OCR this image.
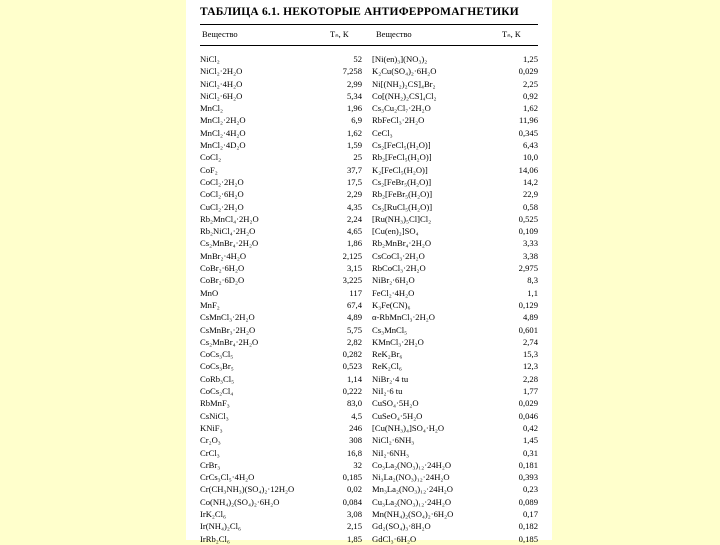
ТАБЛИЦА 6.1. НЕКОТОРЫЕ АНТИФЕРРОМАГНЕТИКИ
Вещество	Tₙ, К	Вещество	Tₙ, К
NiCl₂	52	[Ni(en)₃](NO₃)₂	1,25
NiCl₂·2H₂O	7,258	K₂Cu(SO₄)₂·6H₂O	0,029
NiCl₂·4H₂O	2,99	Ni[(NH₂)₂CS]₄Br₂	2,25
NiCl₂·6H₂O	5,34	Co[(NH₂)₂CS]₄Cl₂	0,92
MnCl₂	1,96	Cs₃Cu₂Cl₇·2H₂O	1,62
MnCl₂·2H₂O	6,9	RbFeCl₃·2H₂O	11,96
MnCl₂·4H₂O	1,62	CeCl₃	0,345
MnCl₂·4D₂O	1,59	Cs₂[FeCl₅(H₂O)]	6,43
CoCl₂	25	Rb₂[FeCl₅(H₂O)]	10,0
CoF₂	37,7	K₂[FeCl₅(H₂O)]	14,06
CoCl₂·2H₂O	17,5	Cs₂[FeBr₅(H₂O)]	14,2
CoCl₂·6H₂O	2,29	Rb₂[FeBr₅(H₂O)]	22,9
CuCl₂·2H₂O	4,35	Cs₂[RuCl₅(H₂O)]	0,58
Rb₂MnCl₄·2H₂O	2,24	[Ru(NH₃)₅Cl]Cl₂	0,525
Rb₂NiCl₄·2H₂O	4,65	[Cu(en)₂]SO₄	0,109
Cs₂MnBr₄·2H₂O	1,86	Rb₂MnBr₄·2H₂O	3,33
MnBr₂·4H₂O	2,125	CsCoCl₃·2H₂O	3,38
CoBr₂·6H₂O	3,15	RbCoCl₃·2H₂O	2,975
CoBr₂·6D₂O	3,225	NiBr₂·6H₂O	8,3
MnO	117	FeCl₂·4H₂O	1,1
MnF₂	67,4	K₃Fe(CN)₆	0,129
CsMnCl₃·2H₂O	4,89	α-RbMnCl₃·2H₂O	4,89
CsMnBr₃·2H₂O	5,75	Cs₃MnCl₅	0,601
Cs₂MnBr₄·2H₂O	2,82	KMnCl₃·2H₂O	2,74
CoCs₃Cl₅	0,282	ReK₂Br₆	15,3
CoCs₃Br₅	0,523	ReK₂Cl₆	12,3
CoRb₃Cl₅	1,14	NiBr₂·4 tu	2,28
CoCs₂Cl₄	0,222	NiI₂·6 tu	1,77
RbMnF₃	83,0	CuSO₄·5H₂O	0,029
CsNiCl₃	4,5	CuSeO₄·5H₂O	0,046
KNiF₃	246	[Cu(NH₃)₄]SO₄·H₂O	0,42
Cr₂O₃	308	NiCl₂·6NH₃	1,45
CrCl₃	16,8	NiI₂·6NH₃	0,31
CrBr₃	32	Co₃La₂(NO₃)₁₂·24H₂O	0,181
CrCs₃Cl₅·4H₂O	0,185	Ni₃La₂(NO₃)₁₂·24H₂O	0,393
Cr(CH₃NH₃)(SO₄)₂·12H₂O	0,02	Mn₃La₂(NO₃)₁₂·24H₂O	0,23
Co(NH₄)₂(SO₄)₂·6H₂O	0,084	Cu₃La₂(NO₃)₁₂·24H₂O	0,089
IrK₂Cl₆	3,08	Mn(NH₄)₂(SO₄)₂·6H₂O	0,17
Ir(NH₄)₂Cl₆	2,15	Gd₂(SO₄)₃·8H₂O	0,182
IrRb₂Cl₆	1,85	GdCl₃·6H₂O	0,185
